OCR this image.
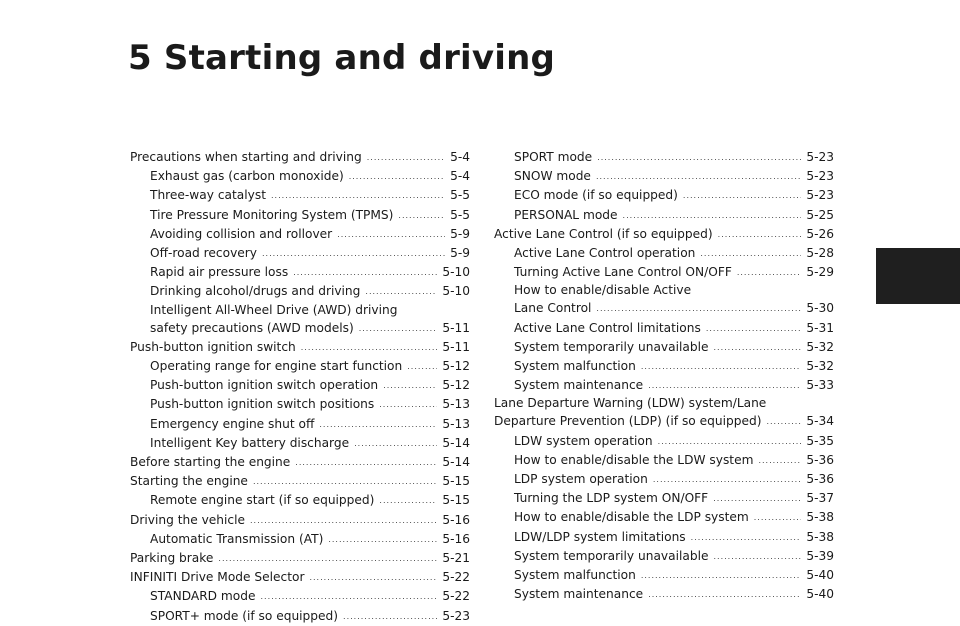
5 Starting and driving
Precautions when starting and driving .....	5-4
Exhaust gas (carbon monoxide) .....	5-4
Three-way catalyst .....	5-5
Tire Pressure Monitoring System (TPMS) .....	5-5
Avoiding collision and rollover .....	5-9
Off-road recovery .....	5-9
Rapid air pressure loss .....	5-10
Drinking alcohol/drugs and driving .....	5-10
Intelligent All-Wheel Drive (AWD) driving
safety precautions (AWD models) .....	5-11
Push-button ignition switch .....	5-11
Operating range for engine start function .....	5-12
Push-button ignition switch operation .....	5-12
Push-button ignition switch positions .....	5-13
Emergency engine shut off .....	5-13
Intelligent Key battery discharge .....	5-14
Before starting the engine .....	5-14
Starting the engine .....	5-15
Remote engine start (if so equipped) .....	5-15
Driving the vehicle .....	5-16
Automatic Transmission (AT) .....	5-16
Parking brake .....	5-21
INFINITI Drive Mode Selector .....	5-22
STANDARD mode .....	5-22
SPORT+ mode (if so equipped) .....	5-23
SPORT mode .....	5-23
SNOW mode .....	5-23
ECO mode (if so equipped) .....	5-23
PERSONAL mode .....	5-25
Active Lane Control (if so equipped) .....	5-26
Active Lane Control operation .....	5-28
Turning Active Lane Control ON/OFF .....	5-29
How to enable/disable Active
Lane Control .....	5-30
Active Lane Control limitations .....	5-31
System temporarily unavailable .....	5-32
System malfunction .....	5-32
System maintenance .....	5-33
Lane Departure Warning (LDW) system/Lane
Departure Prevention (LDP) (if so equipped) .....	5-34
LDW system operation .....	5-35
How to enable/disable the LDW system .....	5-36
LDP system operation .....	5-36
Turning the LDP system ON/OFF .....	5-37
How to enable/disable the LDP system .....	5-38
LDW/LDP system limitations .....	5-38
System temporarily unavailable .....	5-39
System malfunction .....	5-40
System maintenance .....	5-40
